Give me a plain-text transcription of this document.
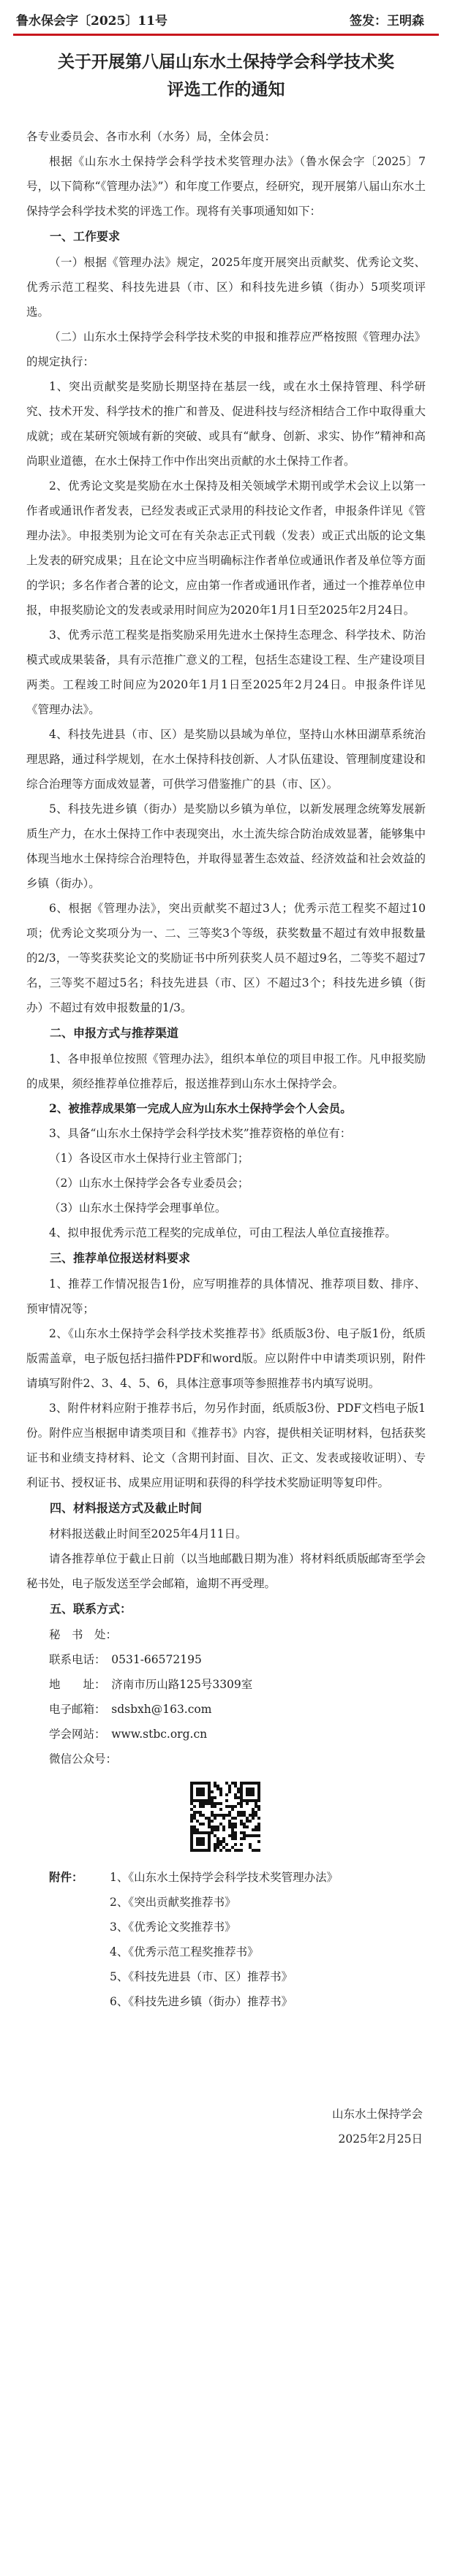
鲁水保会字〔2025〕11号	签发：王明森
关于开展第八届山东水土保持学会科学技术奖
评选工作的通知

各专业委员会、各市水利（水务）局，全体会员：

根据《山东水土保持学会科学技术奖管理办法》（鲁水保会字〔2025〕7号，以下简称“《管理办法》”）和年度工作要点，经研究，现开展第八届山东水土保持学会科学技术奖的评选工作。现将有关事项通知如下：

一、工作要求

（一）根据《管理办法》规定，2025年度开展突出贡献奖、优秀论文奖、优秀示范工程奖、科技先进县（市、区）和科技先进乡镇（街办）5项奖项评选。

（二）山东水土保持学会科学技术奖的申报和推荐应严格按照《管理办法》的规定执行：

1、突出贡献奖是奖励长期坚持在基层一线，或在水土保持管理、科学研究、技术开发、科学技术的推广和普及、促进科技与经济相结合工作中取得重大成就；或在某研究领域有新的突破、或具有“献身、创新、求实、协作”精神和高尚职业道德，在水土保持工作中作出突出贡献的水土保持工作者。

2、优秀论文奖是奖励在水土保持及相关领域学术期刊或学术会议上以第一作者或通讯作者发表，已经发表或正式录用的科技论文作者，申报条件详见《管理办法》。申报类别为论文可在有关杂志正式刊载（发表）或正式出版的论文集上发表的研究成果；且在论文中应当明确标注作者单位或通讯作者及单位等方面的学识；多名作者合著的论文，应由第一作者或通讯作者，通过一个推荐单位申报，申报奖励论文的发表或录用时间应为2020年1月1日至2025年2月24日。

3、优秀示范工程奖是指奖励采用先进水土保持生态理念、科学技术、防治模式或成果装备，具有示范推广意义的工程，包括生态建设工程、生产建设项目两类。工程竣工时间应为2020年1月1日至2025年2月24日。申报条件详见《管理办法》。

4、科技先进县（市、区）是奖励以县域为单位，坚持山水林田湖草系统治理思路，通过科学规划，在水土保持科技创新、人才队伍建设、管理制度建设和综合治理等方面成效显著，可供学习借鉴推广的县（市、区）。

5、科技先进乡镇（街办）是奖励以乡镇为单位，以新发展理念统筹发展新质生产力，在水土保持工作中表现突出，水土流失综合防治成效显著，能够集中体现当地水土保持综合治理特色，并取得显著生态效益、经济效益和社会效益的乡镇（街办）。

6、根据《管理办法》，突出贡献奖不超过3人；优秀示范工程奖不超过10项；优秀论文奖项分为一、二、三等奖3个等级，获奖数量不超过有效申报数量的2/3，一等奖获奖论文的奖励证书中所列获奖人员不超过9名，二等奖不超过7名，三等奖不超过5名；科技先进县（市、区）不超过3个；科技先进乡镇（街办）不超过有效申报数量的1/3。

二、申报方式与推荐渠道

1、各申报单位按照《管理办法》，组织本单位的项目申报工作。凡申报奖励的成果，须经推荐单位推荐后，报送推荐到山东水土保持学会。

2、被推荐成果第一完成人应为山东水土保持学会个人会员。

3、具备“山东水土保持学会科学技术奖”推荐资格的单位有：

（1）各设区市水土保持行业主管部门；

（2）山东水土保持学会各专业委员会；

（3）山东水土保持学会理事单位。

4、拟申报优秀示范工程奖的完成单位，可由工程法人单位直接推荐。

三、推荐单位报送材料要求

1、推荐工作情况报告1份，应写明推荐的具体情况、推荐项目数、排序、预审情况等；

2、《山东水土保持学会科学技术奖推荐书》纸质版3份、电子版1份，纸质版需盖章，电子版包括扫描件PDF和word版。应以附件中申请类项识别，附件请填写附件2、3、4、5、6，具体注意事项等参照推荐书内填写说明。

3、附件材料应附于推荐书后，勿另作封面，纸质版3份、PDF文档电子版1份。附件应当根据申请类项目和《推荐书》内容，提供相关证明材料，包括获奖证书和业绩支持材料、论文（含期刊封面、目次、正文、发表或接收证明）、专利证书、授权证书、成果应用证明和获得的科学技术奖励证明等复印件。

四、材料报送方式及截止时间

材料报送截止时间至2025年4月11日。

请各推荐单位于截止日前（以当地邮戳日期为准）将材料纸质版邮寄至学会秘书处，电子版发送至学会邮箱，逾期不再受理。

五、联系方式：

秘　书　处：

联系电话：　0531-66572195

地　　址：　济南市历山路125号3309室

电子邮箱：　sdsbxh@163.com

学会网站：　www.stbc.org.cn

微信公众号：

附件：	1、《山东水土保持学会科学技术奖管理办法》

2、《突出贡献奖推荐书》

3、《优秀论文奖推荐书》

4、《优秀示范工程奖推荐书》

5、《科技先进县（市、区）推荐书》

6、《科技先进乡镇（街办）推荐书》

山东水土保持学会

2025年2月25日
